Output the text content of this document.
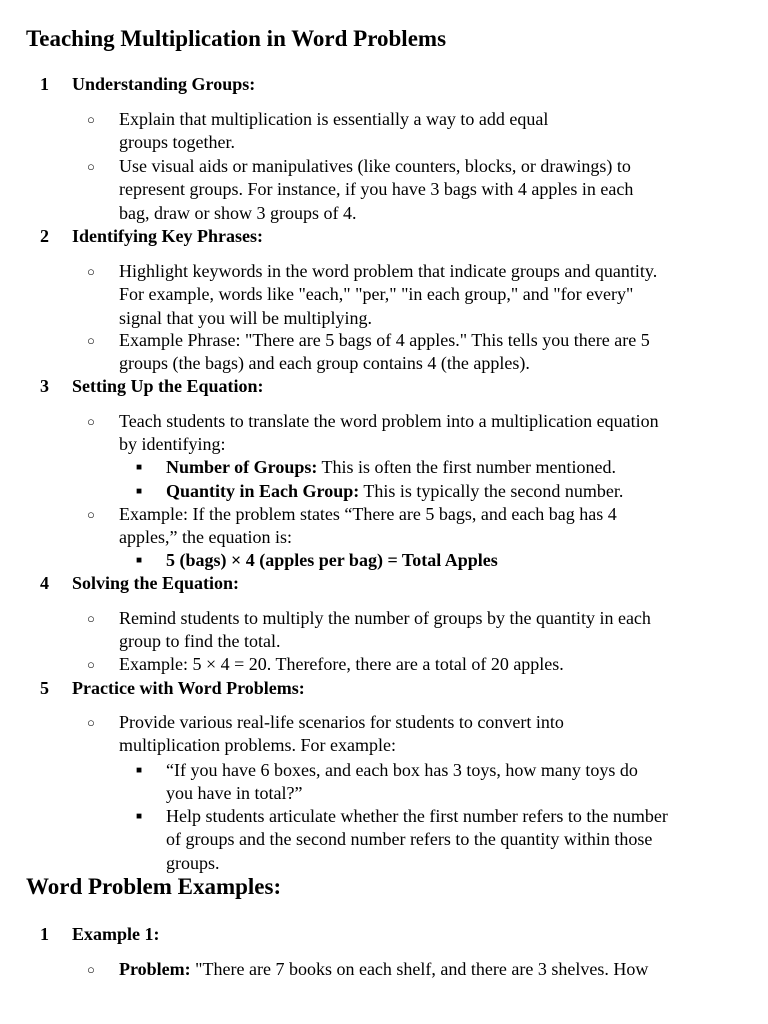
Teaching Multiplication in Word Problems
1	Understanding Groups:
○ Explain that multiplication is essentially a way to add equal
groups together.
○ Use visual aids or manipulatives (like counters, blocks, or drawings) to
represent groups. For instance, if you have 3 bags with 4 apples in each
bag, draw or show 3 groups of 4.
2	Identifying Key Phrases:
○ Highlight keywords in the word problem that indicate groups and quantity.
For example, words like "each," "per," "in each group," and "for every"
signal that you will be multiplying.
○ Example Phrase: "There are 5 bags of 4 apples." This tells you there are 5
groups (the bags) and each group contains 4 (the apples).
3	Setting Up the Equation:
○ Teach students to translate the word problem into a multiplication equation
by identifying:
■ Number of Groups: This is often the first number mentioned.
■ Quantity in Each Group: This is typically the second number.
○ Example: If the problem states “There are 5 bags, and each bag has 4
apples,” the equation is:
■ 5 (bags) × 4 (apples per bag) = Total Apples
4	Solving the Equation:
○ Remind students to multiply the number of groups by the quantity in each
group to find the total.
○ Example: 5 × 4 = 20. Therefore, there are a total of 20 apples.
5	Practice with Word Problems:
○ Provide various real-life scenarios for students to convert into
multiplication problems. For example:
■ “If you have 6 boxes, and each box has 3 toys, how many toys do
you have in total?”
■ Help students articulate whether the first number refers to the number
of groups and the second number refers to the quantity within those
groups.
Word Problem Examples:
1	Example 1:
○ Problem: "There are 7 books on each shelf, and there are 3 shelves. How
